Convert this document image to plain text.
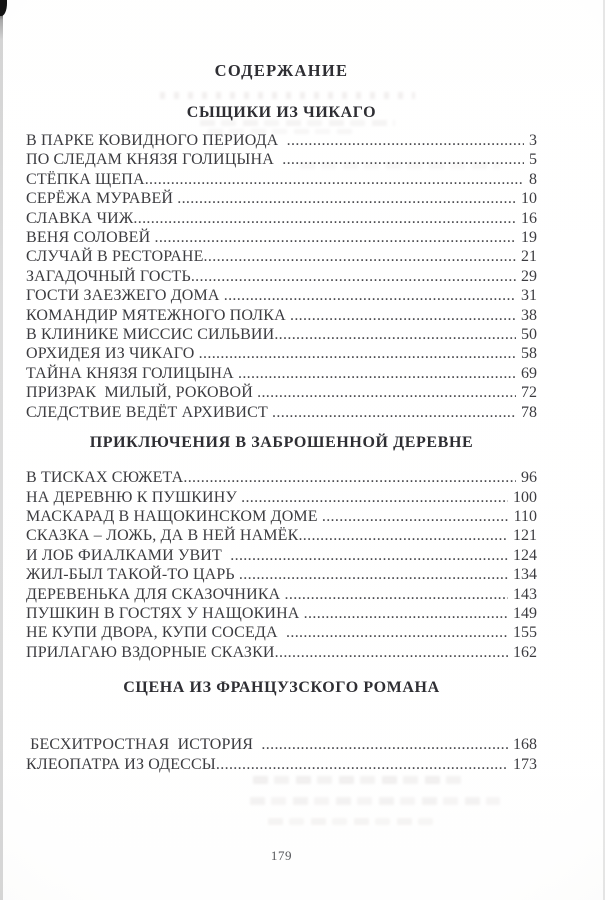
СОДЕРЖАНИЕ
СЫЩИКИ ИЗ ЧИКАГО
В ПАРКЕ КОВИДНОГО ПЕРИОДА .....	3
ПО СЛЕДАМ КНЯЗЯ ГОЛИЦЫНА .....	5
СТЁПКА ЩЕПА .....	8
СЕРЁЖА МУРАВЕЙ .....	10
СЛАВКА ЧИЖ .....	16
ВЕНЯ СОЛОВЕЙ .....	19
СЛУЧАЙ В РЕСТОРАНЕ .....	21
ЗАГАДОЧНЫЙ ГОСТЬ .....	29
ГОСТИ ЗАЕЗЖЕГО ДОМА .....	31
КОМАНДИР МЯТЕЖНОГО ПОЛКА .....	38
В КЛИНИКЕ МИССИС СИЛЬВИИ .....	50
ОРХИДЕЯ ИЗ ЧИКАГО .....	58
ТАЙНА КНЯЗЯ ГОЛИЦЫНА .....	69
ПРИЗРАК  МИЛЫЙ, РОКОВОЙ .....	72
СЛЕДСТВИЕ ВЕДЁТ АРХИВИСТ .....	78
ПРИКЛЮЧЕНИЯ В ЗАБРОШЕННОЙ ДЕРЕВНЕ
В ТИСКАХ СЮЖЕТА .....	96
НА ДЕРЕВНЮ К ПУШКИНУ .....	100
МАСКАРАД В НАЩОКИНСКОМ ДОМЕ .....	110
СКАЗКА – ЛОЖЬ, ДА В НЕЙ НАМЁК .....	121
И ЛОБ ФИАЛКАМИ УВИТ .....	124
ЖИЛ-БЫЛ ТАКОЙ-ТО ЦАРЬ .....	134
ДЕРЕВЕНЬКА ДЛЯ СКАЗОЧНИКА .....	143
ПУШКИН В ГОСТЯХ У НАЩОКИНА .....	149
НЕ КУПИ ДВОРА, КУПИ СОСЕДА .....	155
ПРИЛАГАЮ ВЗДОРНЫЕ СКАЗКИ .....	162
СЦЕНА ИЗ ФРАНЦУЗСКОГО РОМАНА
БЕСХИТРОСТНАЯ  ИСТОРИЯ .....	168
КЛЕОПАТРА ИЗ ОДЕССЫ .....	173
179
